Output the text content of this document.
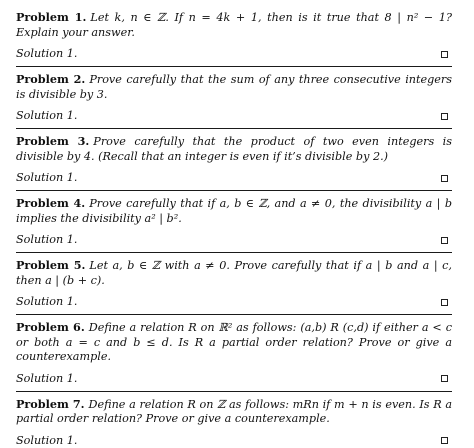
Problem 1. Let k, n ∈ ℤ. If n = 4k + 1, then is it true that 8 | n² − 1? Explain your answer.
Solution 1.
Problem 2. Prove carefully that the sum of any three consecutive integers is divisible by 3.
Solution 1.
Problem 3. Prove carefully that the product of two even integers is divisible by 4. (Recall that an integer is even if it’s divisible by 2.)
Solution 1.
Problem 4. Prove carefully that if a, b ∈ ℤ, and a ≠ 0, the divisibility a | b implies the divisibility a² | b².
Solution 1.
Problem 5. Let a, b ∈ ℤ with a ≠ 0. Prove carefully that if a | b and a | c, then a | (b + c).
Solution 1.
Problem 6. Define a relation R on ℝ² as follows: (a,b) R (c,d) if either a < c or both a = c and b ≤ d. Is R a partial order relation? Prove or give a counterexample.
Solution 1.
Problem 7. Define a relation R on ℤ as follows: mRn if m + n is even. Is R a partial order relation? Prove or give a counterexample.
Solution 1.
